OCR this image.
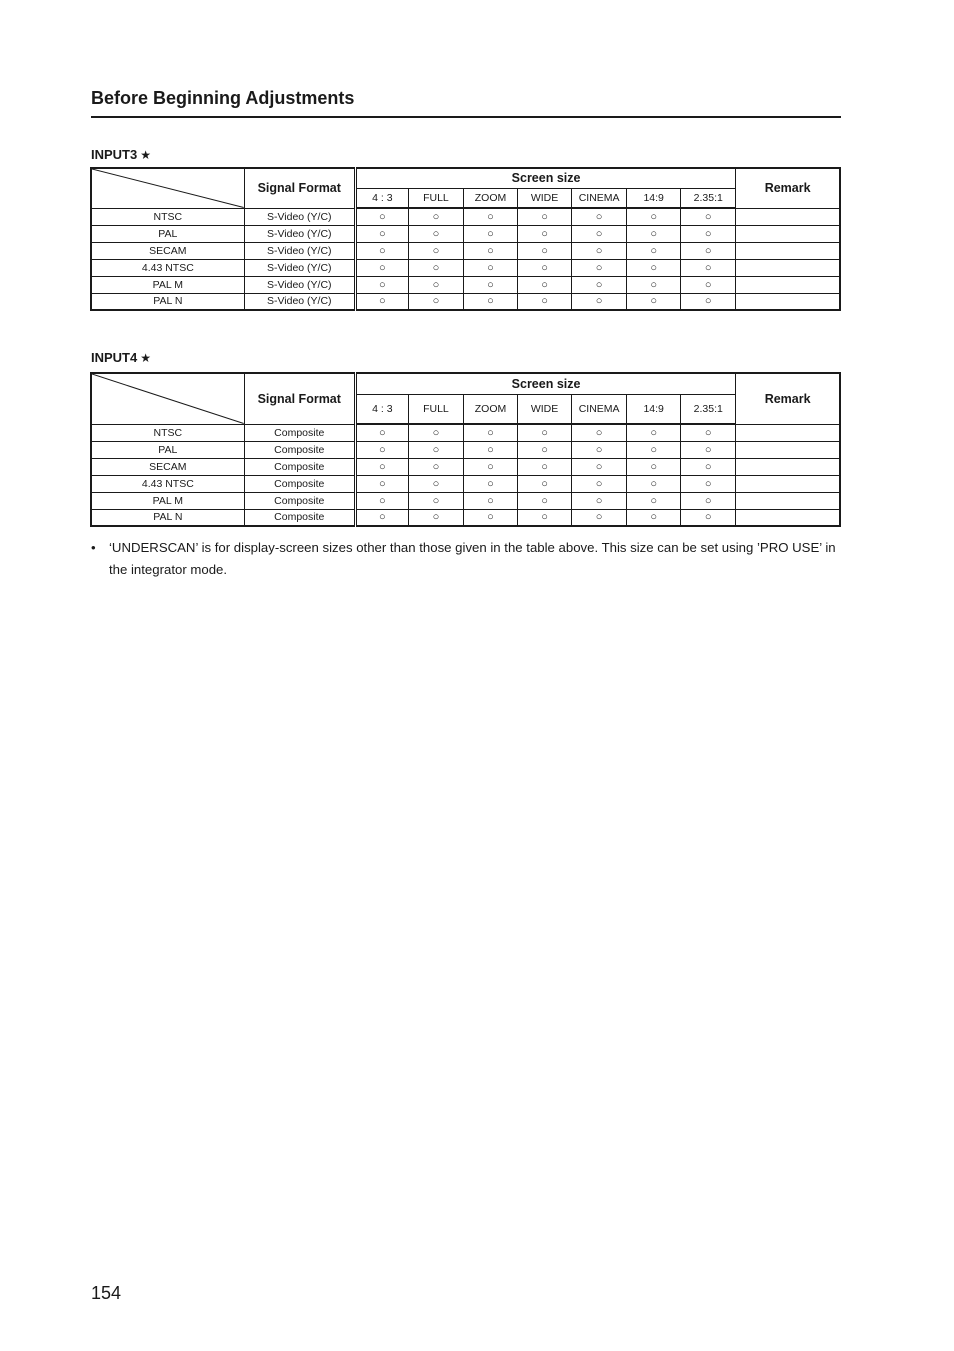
Before Beginning Adjustments
INPUT3 ★
	Signal Format	Screen size							Remark
		4 : 3	FULL	ZOOM	WIDE	CINEMA	14:9	2.35:1	
NTSC	S-Video (Y/C)	○	○	○	○	○	○	○	
PAL	S-Video (Y/C)	○	○	○	○	○	○	○	
SECAM	S-Video (Y/C)	○	○	○	○	○	○	○	
4.43 NTSC	S-Video (Y/C)	○	○	○	○	○	○	○	
PAL M	S-Video (Y/C)	○	○	○	○	○	○	○	
PAL N	S-Video (Y/C)	○	○	○	○	○	○	○	
INPUT4 ★
	Signal Format	Screen size							Remark
		4 : 3	FULL	ZOOM	WIDE	CINEMA	14:9	2.35:1	
NTSC	Composite	○	○	○	○	○	○	○	
PAL	Composite	○	○	○	○	○	○	○	
SECAM	Composite	○	○	○	○	○	○	○	
4.43 NTSC	Composite	○	○	○	○	○	○	○	
PAL M	Composite	○	○	○	○	○	○	○	
PAL N	Composite	○	○	○	○	○	○	○	
• ‘UNDERSCAN’ is for display-screen sizes other than those given in the table above. This size can be set using ’PRO USE’ in the integrator mode.
154
